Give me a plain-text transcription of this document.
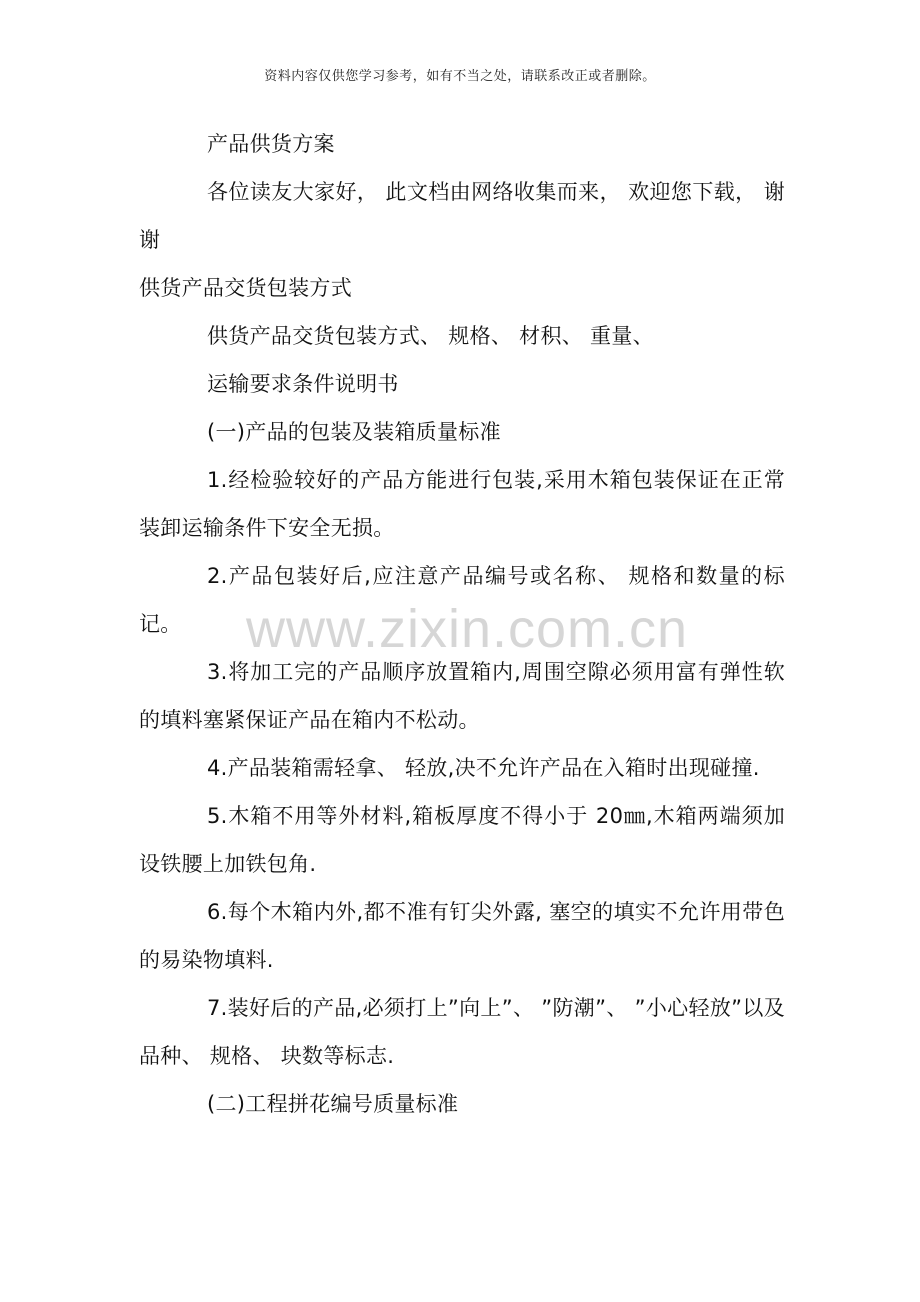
资料内容仅供您学习参考，如有不当之处，请联系改正或者删除。
www.zixin.com.cn

产品供货方案

各位读友大家好， 此文档由网络收集而来， 欢迎您下载， 谢谢

供货产品交货包装方式

供货产品交货包装方式、 规格、 材积、 重量、

运输要求条件说明书

(一)产品的包装及装箱质量标准

1.经检验较好的产品方能进行包装,采用木箱包装保证在正常装卸运输条件下安全无损。

2.产品包装好后,应注意产品编号或名称、 规格和数量的标记。

3.将加工完的产品顺序放置箱内,周围空隙必须用富有弹性软的填料塞紧保证产品在箱内不松动。

4.产品装箱需轻拿、 轻放,决不允许产品在入箱时出现碰撞.

5.木箱不用等外材料,箱板厚度不得小于 20㎜,木箱两端须加设铁腰上加铁包角.

6.每个木箱内外,都不准有钉尖外露, 塞空的填实不允许用带色的易染物填料.

7.装好后的产品,必须打上”向上”、 ”防潮”、 ”小心轻放”以及品种、 规格、 块数等标志.

(二)工程拼花编号质量标准
